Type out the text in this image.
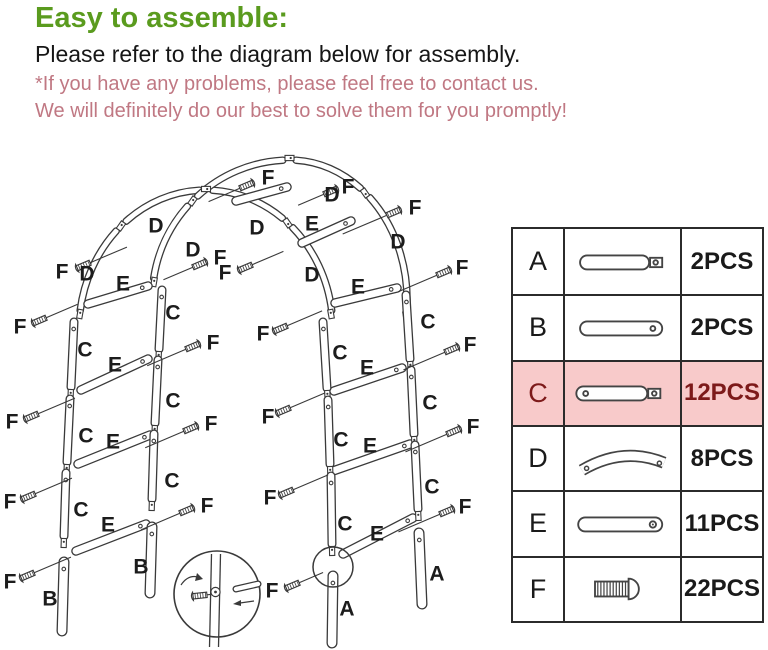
Easy to assemble:
Please refer to the diagram below for assembly.
*If you have any problems, please feel free to contact us.
We will definitely do our best to solve them for you promptly!
F	F
F
F
F
F
F
F
F
F
F F
F F
F F
F
F
F
F
F
D
D
D
D
D
D
D
E
E
E
E
E
E
E
E
E
C
C
C
C
C
C
C
C
C
C
C
C
A
A
B
B
A	2PCS
B	2PCS
C	12PCS
D	8PCS
E	11PCS
F	22PCS
